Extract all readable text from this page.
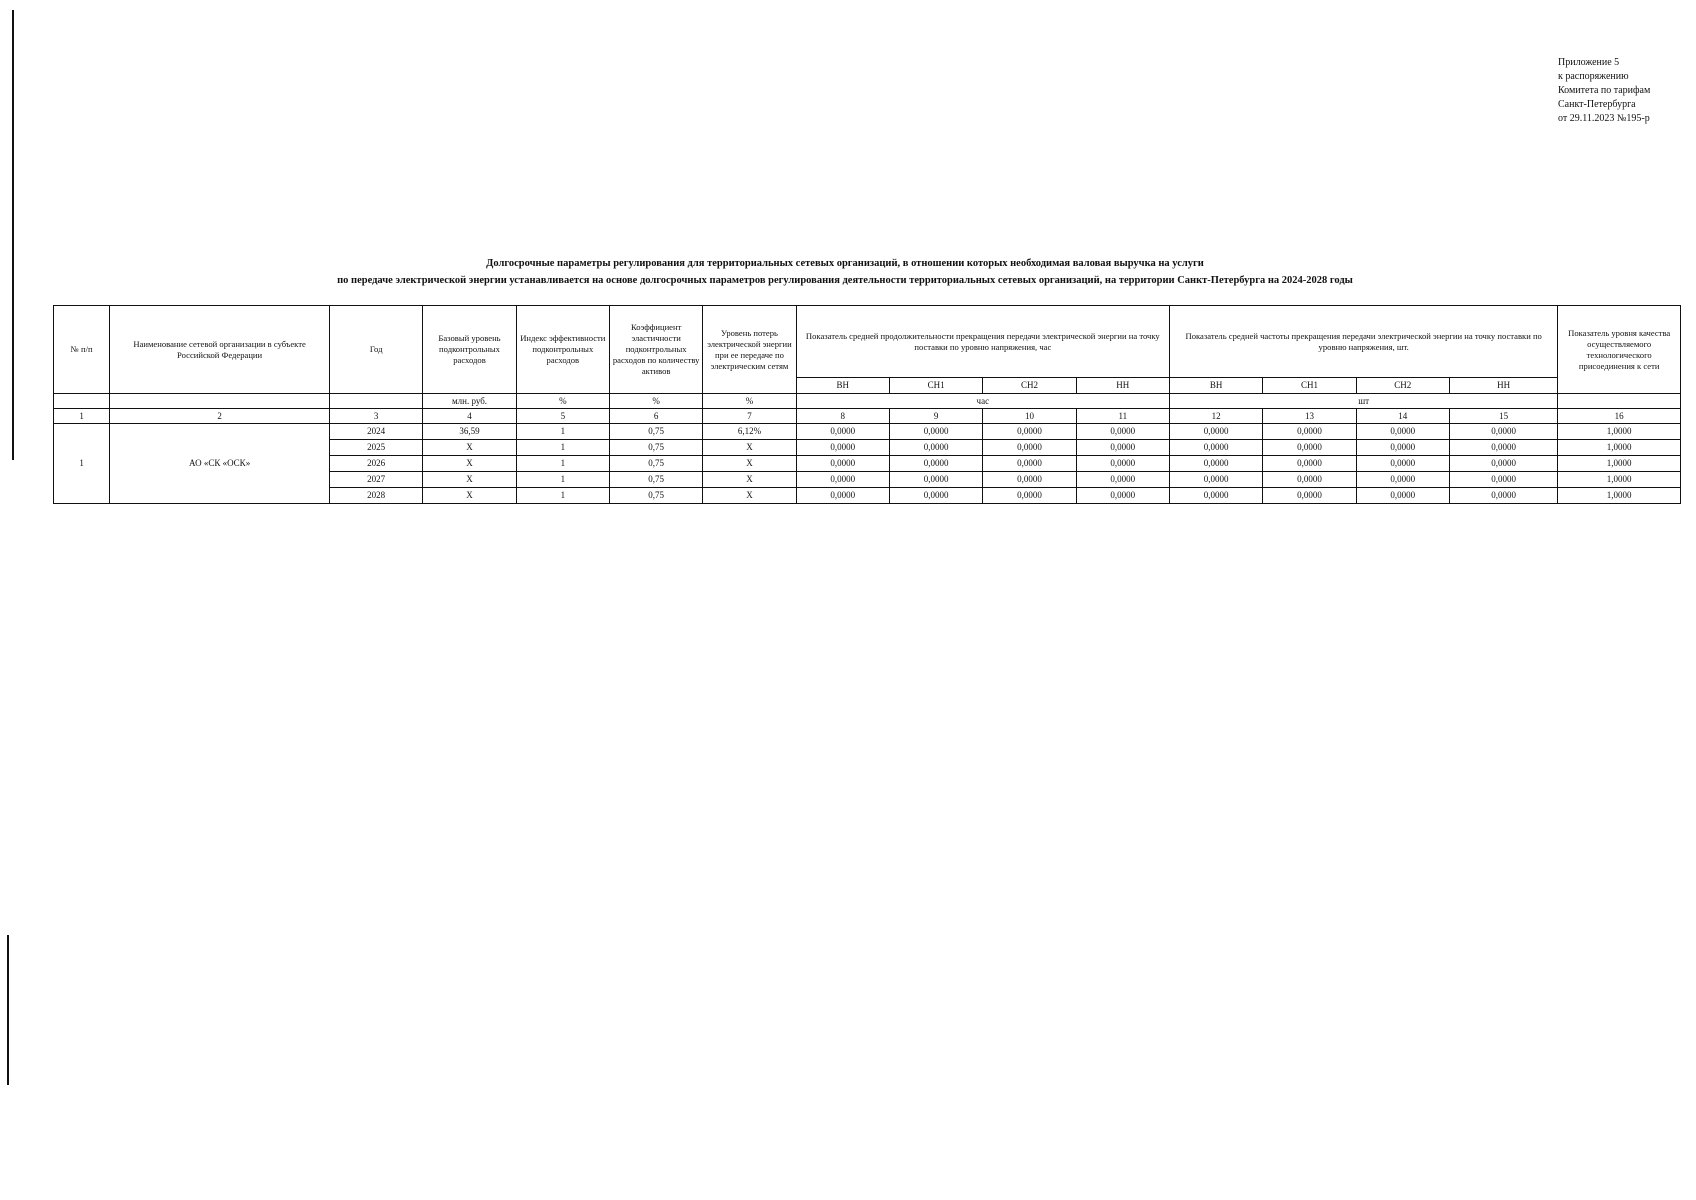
Приложение 5
к распоряжению
Комитета по тарифам
Санкт-Петербурга
от 29.11.2023 №195-р
Долгосрочные параметры регулирования для территориальных сетевых организаций, в отношении которых необходимая валовая выручка на услуги
по передаче электрической энергии устанавливается на основе долгосрочных параметров регулирования деятельности территориальных сетевых организаций, на территории Санкт-Петербурга на 2024-2028 годы
№ п/п	Наименование сетевой организации в субъекте Российской Федерации	Год	Базовый уровень подконтрольных расходов	Индекс эффективности подконтрольных расходов	Коэффициент эластичности подконтрольных расходов по количеству активов	Уровень потерь электрической энергии при ее передаче по электрическим сетям	Показатель средней продолжительности прекращения передачи электрической энергии на точку поставки по уровню напряжения, час				Показатель средней частоты прекращения передачи электрической энергии на точку поставки по уровню напряжения, шт.				Показатель уровня качества осуществляемого технологического присоединения к сети
							ВН	СН1	СН2	НН	ВН	СН1	СН2	НН	
			млн. руб.	%	%	%	час				шт				
1	2	3	4	5	6	7	8	9	10	11	12	13	14	15	16
1	АО «СК «ОСК»	2024	36,59	1	0,75	6,12%	0,0000	0,0000	0,0000	0,0000	0,0000	0,0000	0,0000	0,0000	1,0000
		2025	X	1	0,75	X	0,0000	0,0000	0,0000	0,0000	0,0000	0,0000	0,0000	0,0000	1,0000
		2026	X	1	0,75	X	0,0000	0,0000	0,0000	0,0000	0,0000	0,0000	0,0000	0,0000	1,0000
		2027	X	1	0,75	X	0,0000	0,0000	0,0000	0,0000	0,0000	0,0000	0,0000	0,0000	1,0000
		2028	X	1	0,75	X	0,0000	0,0000	0,0000	0,0000	0,0000	0,0000	0,0000	0,0000	1,0000
